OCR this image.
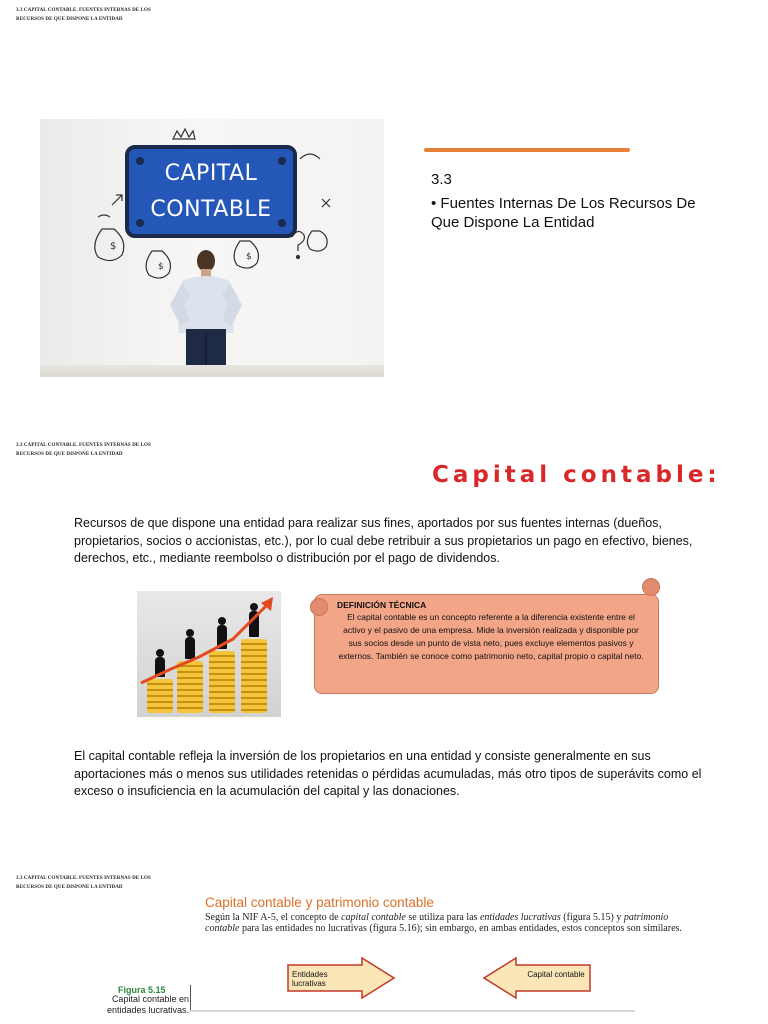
3.3 CAPITAL CONTABLE. FUENTES INTERNAS DE LOS
RECURSOS DE QUE DISPONE LA ENTIDAD
$
$
$
CAPITAL
CONTABLE
3.3
• Fuentes Internas De Los Recursos De Que Dispone La Entidad
3.3 CAPITAL CONTABLE. FUENTES INTERNAS DE LOS
RECURSOS DE QUE DISPONE LA ENTIDAD
Capital contable:
Recursos de que dispone una entidad para realizar sus fines, aportados por sus fuentes internas (dueños, propietarios, socios o accionistas, etc.), por lo cual debe retribuir a sus propietarios un pago en efectivo, bienes, derechos, etc., mediante reembolso o distribución por el pago de dividendos.
DEFINICIÓN TÉCNICA
El capital contable es un concepto referente a la diferencia existente entre el activo y el pasivo de una empresa. Mide la inversión realizada y disponible por sus socios desde un punto de vista neto, pues excluye elementos pasivos y externos. También se conoce como patrimonio neto, capital propio o capital neto.
El capital contable refleja la inversión de los propietarios en una entidad y consiste generalmente en sus aportaciones más o menos sus utilidades retenidas o pérdidas acumuladas, más otro tipos de superávits como el exceso o insuficiencia en la acumulación del capital y las donaciones.
3.3 CAPITAL CONTABLE. FUENTES INTERNAS DE LOS
RECURSOS DE QUE DISPONE LA ENTIDAD
Capital contable y patrimonio contable
Según la NIF A-5, el concepto de capital contable se utiliza para las entidades lucrativas (figura 5.15) y patrimonio contable para las entidades no lucrativas (figura 5.16); sin embargo, en ambas entidades, estos conceptos son similares.
Entidades lucrativas
Capital contable
Figura 5.15
Capital contable en entidades lucrativas.
